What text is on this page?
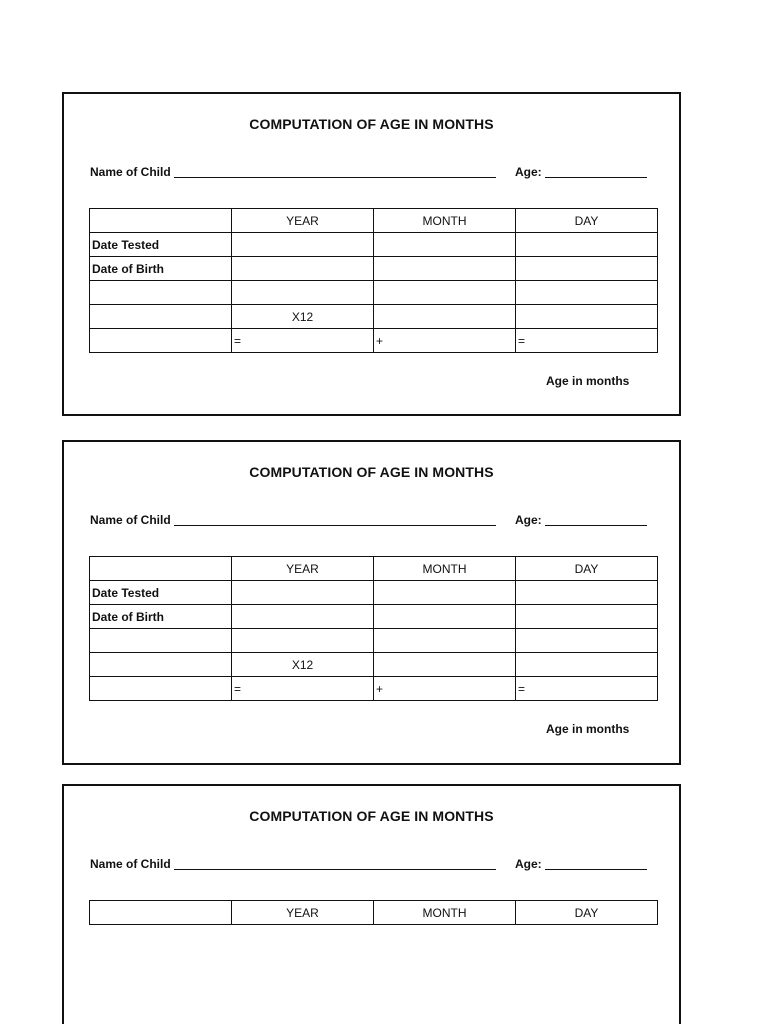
COMPUTATION OF AGE IN MONTHS
Name of Child	Age:
	YEAR	MONTH	DAY
Date Tested			
Date of Birth			

	X12		
	=	+	=
Age in months
COMPUTATION OF AGE IN MONTHS
Name of Child	Age:
	YEAR	MONTH	DAY
Date Tested			
Date of Birth			

	X12		
	=	+	=
Age in months
COMPUTATION OF AGE IN MONTHS
Name of Child	Age:
	YEAR	MONTH	DAY
